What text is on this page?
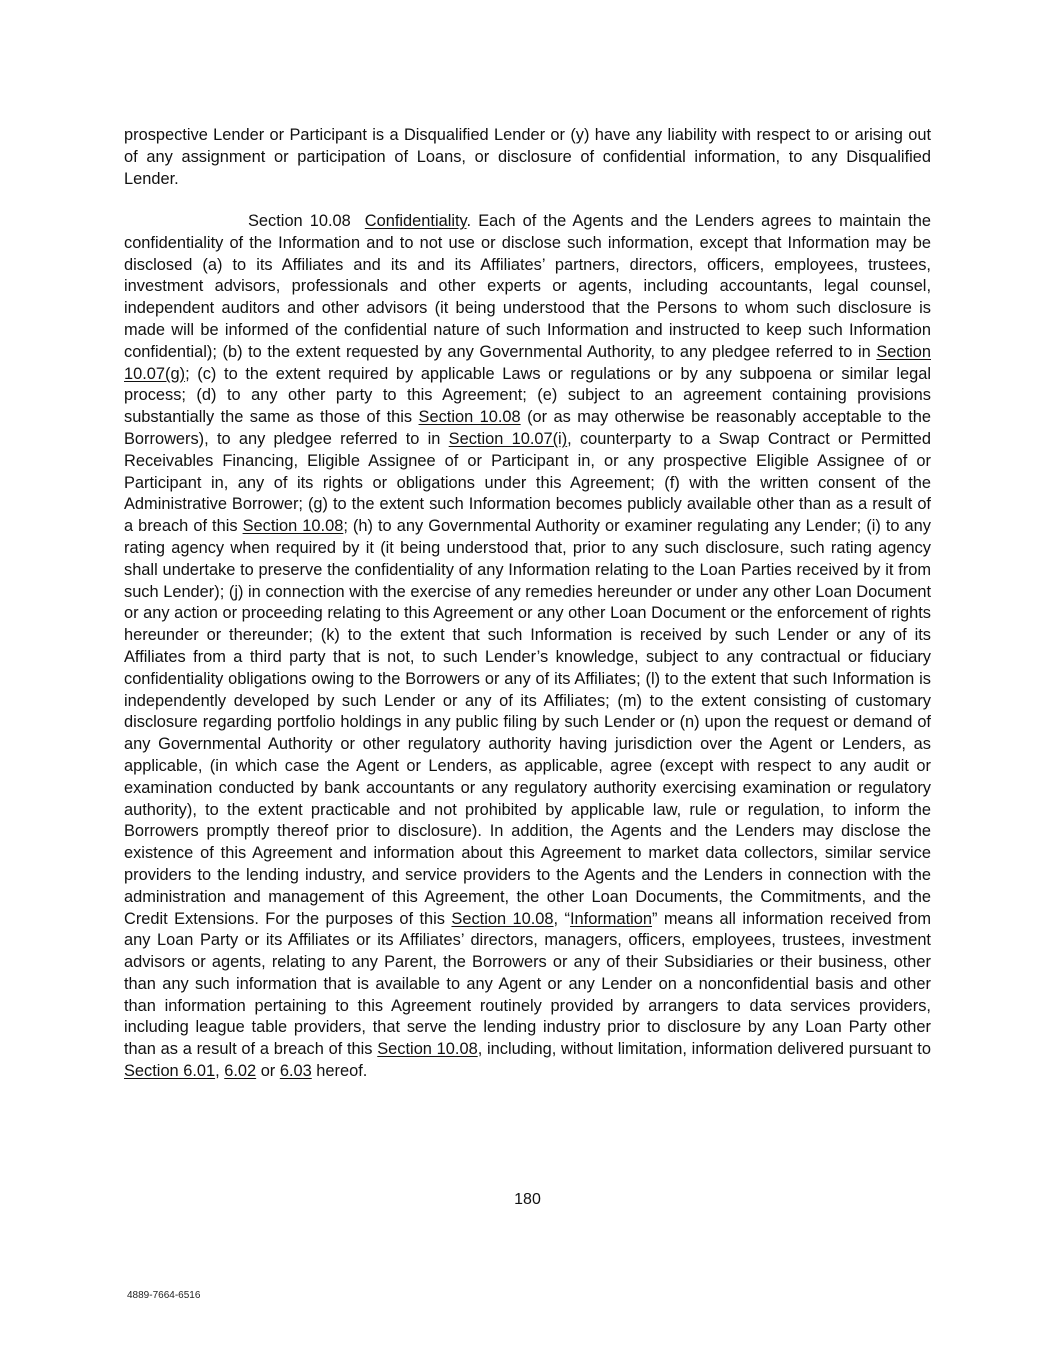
prospective Lender or Participant is a Disqualified Lender or (y) have any liability with respect to or arising out of any assignment or participation of Loans, or disclosure of confidential information, to any Disqualified Lender.

Section 10.08 Confidentiality. Each of the Agents and the Lenders agrees to maintain the confidentiality of the Information and to not use or disclose such information, except that Information may be disclosed (a) to its Affiliates and its and its Affiliates’ partners, directors, officers, employees, trustees, investment advisors, professionals and other experts or agents, including accountants, legal counsel, independent auditors and other advisors (it being understood that the Persons to whom such disclosure is made will be informed of the confidential nature of such Information and instructed to keep such Information confidential); (b) to the extent requested by any Governmental Authority, to any pledgee referred to in Section 10.07(g); (c) to the extent required by applicable Laws or regulations or by any subpoena or similar legal process; (d) to any other party to this Agreement; (e) subject to an agreement containing provisions substantially the same as those of this Section 10.08 (or as may otherwise be reasonably acceptable to the Borrowers), to any pledgee referred to in Section 10.07(i), counterparty to a Swap Contract or Permitted Receivables Financing, Eligible Assignee of or Participant in, or any prospective Eligible Assignee of or Participant in, any of its rights or obligations under this Agreement; (f) with the written consent of the Administrative Borrower; (g) to the extent such Information becomes publicly available other than as a result of a breach of this Section 10.08; (h) to any Governmental Authority or examiner regulating any Lender; (i) to any rating agency when required by it (it being understood that, prior to any such disclosure, such rating agency shall undertake to preserve the confidentiality of any Information relating to the Loan Parties received by it from such Lender); (j) in connection with the exercise of any remedies hereunder or under any other Loan Document or any action or proceeding relating to this Agreement or any other Loan Document or the enforcement of rights hereunder or thereunder; (k) to the extent that such Information is received by such Lender or any of its Affiliates from a third party that is not, to such Lender’s knowledge, subject to any contractual or fiduciary confidentiality obligations owing to the Borrowers or any of its Affiliates; (l) to the extent that such Information is independently developed by such Lender or any of its Affiliates; (m) to the extent consisting of customary disclosure regarding portfolio holdings in any public filing by such Lender or (n) upon the request or demand of any Governmental Authority or other regulatory authority having jurisdiction over the Agent or Lenders, as applicable, (in which case the Agent or Lenders, as applicable, agree (except with respect to any audit or examination conducted by bank accountants or any regulatory authority exercising examination or regulatory authority), to the extent practicable and not prohibited by applicable law, rule or regulation, to inform the Borrowers promptly thereof prior to disclosure). In addition, the Agents and the Lenders may disclose the existence of this Agreement and information about this Agreement to market data collectors, similar service providers to the lending industry, and service providers to the Agents and the Lenders in connection with the administration and management of this Agreement, the other Loan Documents, the Commitments, and the Credit Extensions. For the purposes of this Section 10.08, “Information” means all information received from any Loan Party or its Affiliates or its Affiliates’ directors, managers, officers, employees, trustees, investment advisors or agents, relating to any Parent, the Borrowers or any of their Subsidiaries or their business, other than any such information that is available to any Agent or any Lender on a nonconfidential basis and other than information pertaining to this Agreement routinely provided by arrangers to data services providers, including league table providers, that serve the lending industry prior to disclosure by any Loan Party other than as a result of a breach of this Section 10.08, including, without limitation, information delivered pursuant to Section 6.01, 6.02 or 6.03 hereof.

180
4889-7664-6516
